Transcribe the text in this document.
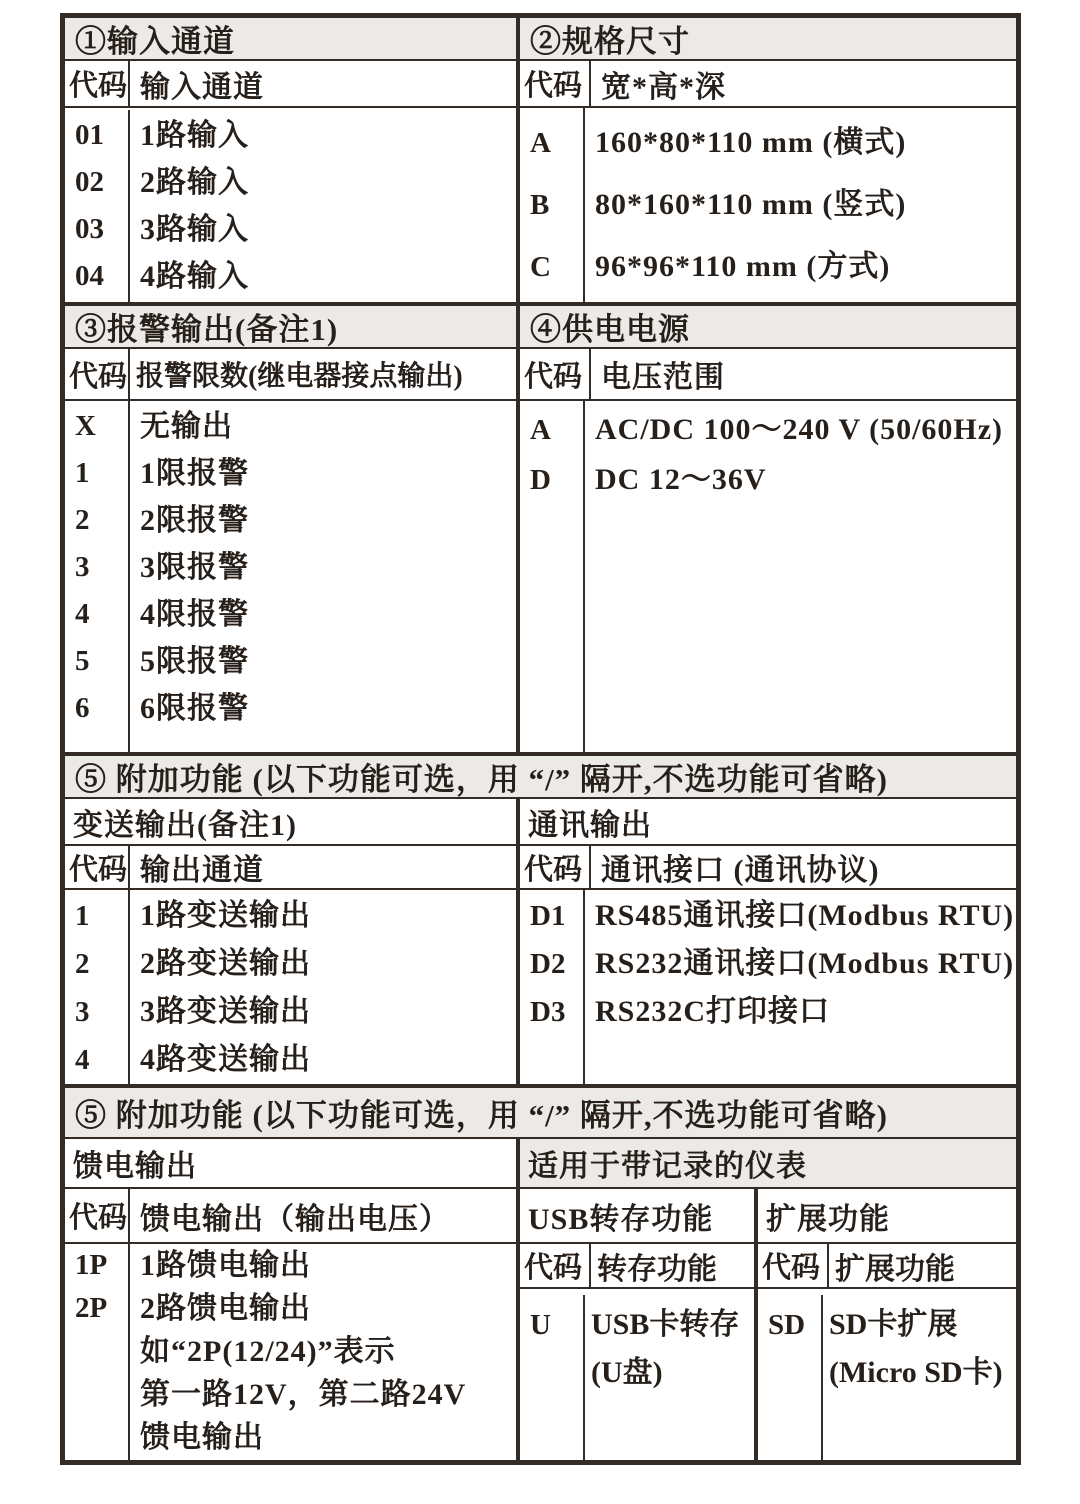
①输入通道
代码 输入通道
01
02
03
04
1路输入
2路输入
3路输入
4路输入
②规格尺寸
代码 宽*高*深
A
B
C
160*80*110 mm (横式)
80*160*110 mm (竖式)
96*96*110 mm (方式)
③报警输出(备注1)
代码 报警限数(继电器接点输出)
X
1
2
3
4
5
6
无输出
1限报警
2限报警
3限报警
4限报警
5限报警
6限报警
④供电电源
代码 电压范围
A
D
AC/DC 100～240 V (50/60Hz)
DC 12～36V
⑤ 附加功能 (以下功能可选，用 “/” 隔开,不选功能可省略)
变送输出(备注1)
代码 输出通道
1
2
3
4
1路变送输出
2路变送输出
3路变送输出
4路变送输出
通讯输出
代码 通讯接口 (通讯协议)
D1
D2
D3
RS485通讯接口(Modbus RTU)
RS232通讯接口(Modbus RTU)
RS232C打印接口
⑤ 附加功能 (以下功能可选，用 “/” 隔开,不选功能可省略)
馈电输出
代码 馈电输出（输出电压）
1P
2P
1路馈电输出
2路馈电输出
如“2P(12/24)”表示
第一路12V，第二路24V
馈电输出
适用于带记录的仪表
USB转存功能
代码 转存功能
U	USB卡转存
(U盘)
扩展功能
代码 扩展功能
SD SD卡扩展
(Micro SD卡)
